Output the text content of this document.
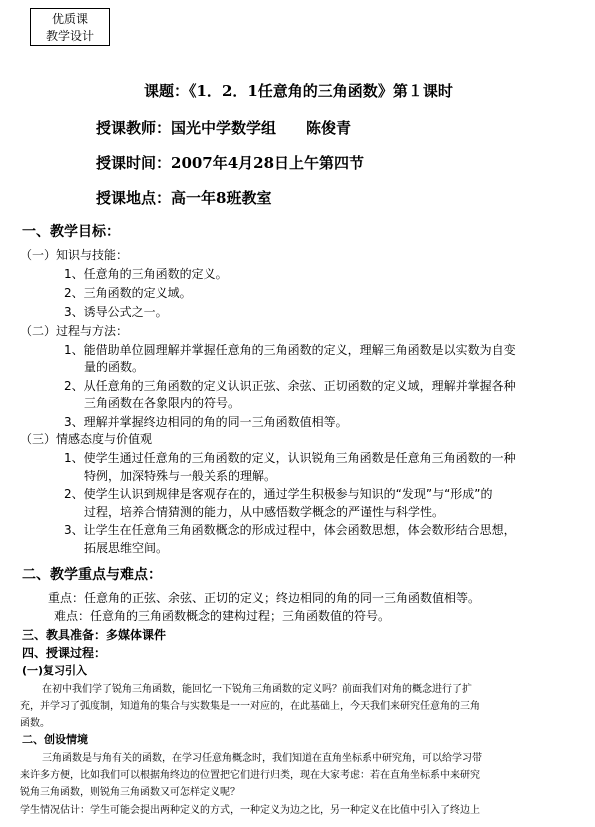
优质课
教学设计
课题：《1．2．1任意角的三角函数》第１课时
授课教师：国光中学数学组　　陈俊青
授课时间：2007年4月28日上午第四节
授课地点：高一年8班教室
一、教学目标：
（一）知识与技能：
1、任意角的三角函数的定义。
2、三角函数的定义域。
3、诱导公式之一。
（二）过程与方法：
1、能借助单位圆理解并掌握任意角的三角函数的定义，理解三角函数是以实数为自变
量的函数。
2、从任意角的三角函数的定义认识正弦、余弦、正切函数的定义域，理解并掌握各种
三角函数在各象限内的符号。
3、理解并掌握终边相同的角的同一三角函数值相等。
（三）情感态度与价值观
1、使学生通过任意角的三角函数的定义，认识锐角三角函数是任意角三角函数的一种
特例，加深特殊与一般关系的理解。
2、使学生认识到规律是客观存在的，通过学生积极参与知识的“发现”与“形成”的
过程，培养合情猜测的能力，从中感悟数学概念的严谨性与科学性。
3、让学生在任意角三角函数概念的形成过程中，体会函数思想，体会数形结合思想，
拓展思维空间。
二、教学重点与难点：
重点：任意角的正弦、余弦、正切的定义；终边相同的角的同一三角函数值相等。
难点：任意角的三角函数概念的建构过程；三角函数值的符号。
三、教具准备：多媒体课件
四、授课过程：
(一)复习引入
在初中我们学了锐角三角函数，能回忆一下锐角三角函数的定义吗？前面我们对角的概念进行了扩
充，并学习了弧度制，知道角的集合与实数集是一一对应的，在此基础上，今天我们来研究任意角的三角
函数。
二、创设情境
三角函数是与角有关的函数，在学习任意角概念时，我们知道在直角坐标系中研究角，可以给学习带
来许多方便，比如我们可以根据角终边的位置把它们进行归类，现在大家考虑：若在直角坐标系中来研究
锐角三角函数，则锐角三角函数又可怎样定义呢？
学生情况估计：学生可能会提出两种定义的方式，一种定义为边之比，另一种定义在比值中引入了终边上
